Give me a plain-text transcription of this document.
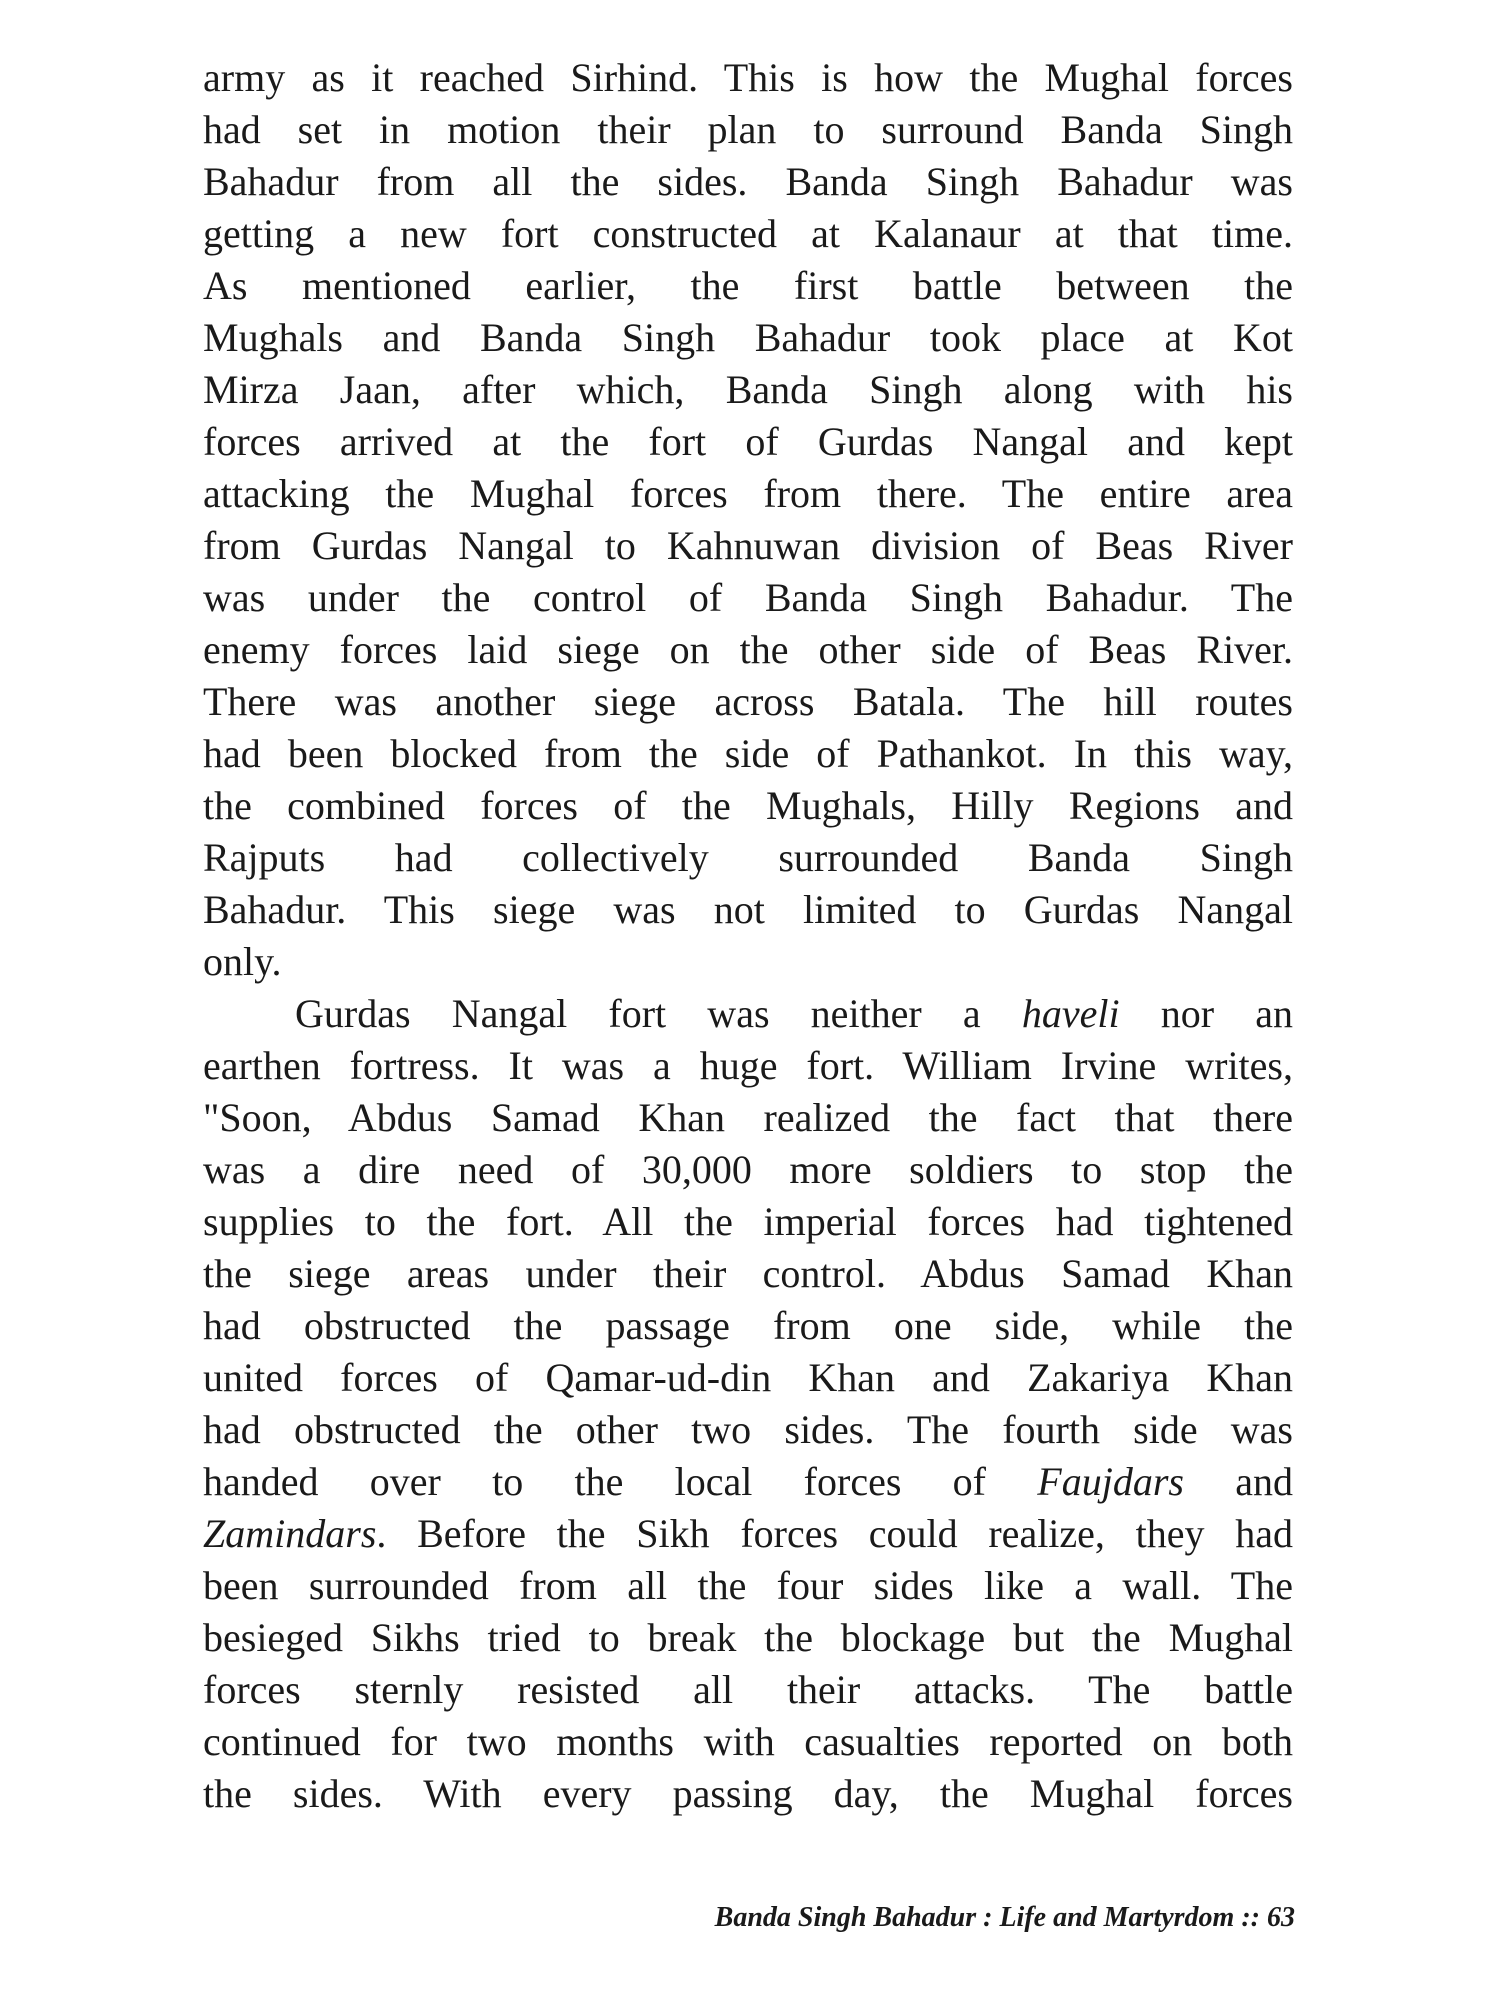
army as it reached Sirhind. This is how the Mughal forces
had set in motion their plan to surround Banda Singh
Bahadur from all the sides. Banda Singh Bahadur was
getting a new fort constructed at Kalanaur at that time.
As mentioned earlier, the first battle between the
Mughals and Banda Singh Bahadur took place at Kot
Mirza Jaan, after which, Banda Singh along with his
forces arrived at the fort of Gurdas Nangal and kept
attacking the Mughal forces from there. The entire area
from Gurdas Nangal to Kahnuwan division of Beas River
was under the control of Banda Singh Bahadur. The
enemy forces laid siege on the other side of Beas River.
There was another siege across Batala. The hill routes
had been blocked from the side of Pathankot. In this way,
the combined forces of the Mughals, Hilly Regions and
Rajputs had collectively surrounded Banda Singh
Bahadur. This siege was not limited to Gurdas Nangal
only.
Gurdas Nangal fort was neither a haveli nor an
earthen fortress. It was a huge fort. William Irvine writes,
"Soon, Abdus Samad Khan realized the fact that there
was a dire need of 30,000 more soldiers to stop the
supplies to the fort. All the imperial forces had tightened
the siege areas under their control. Abdus Samad Khan
had obstructed the passage from one side, while the
united forces of Qamar-ud-din Khan and Zakariya Khan
had obstructed the other two sides. The fourth side was
handed over to the local forces of Faujdars and
Zamindars. Before the Sikh forces could realize, they had
been surrounded from all the four sides like a wall. The
besieged Sikhs tried to break the blockage but the Mughal
forces sternly resisted all their attacks. The battle
continued for two months with casualties reported on both
the sides. With every passing day, the Mughal forces
Banda Singh Bahadur : Life and Martyrdom :: 63
